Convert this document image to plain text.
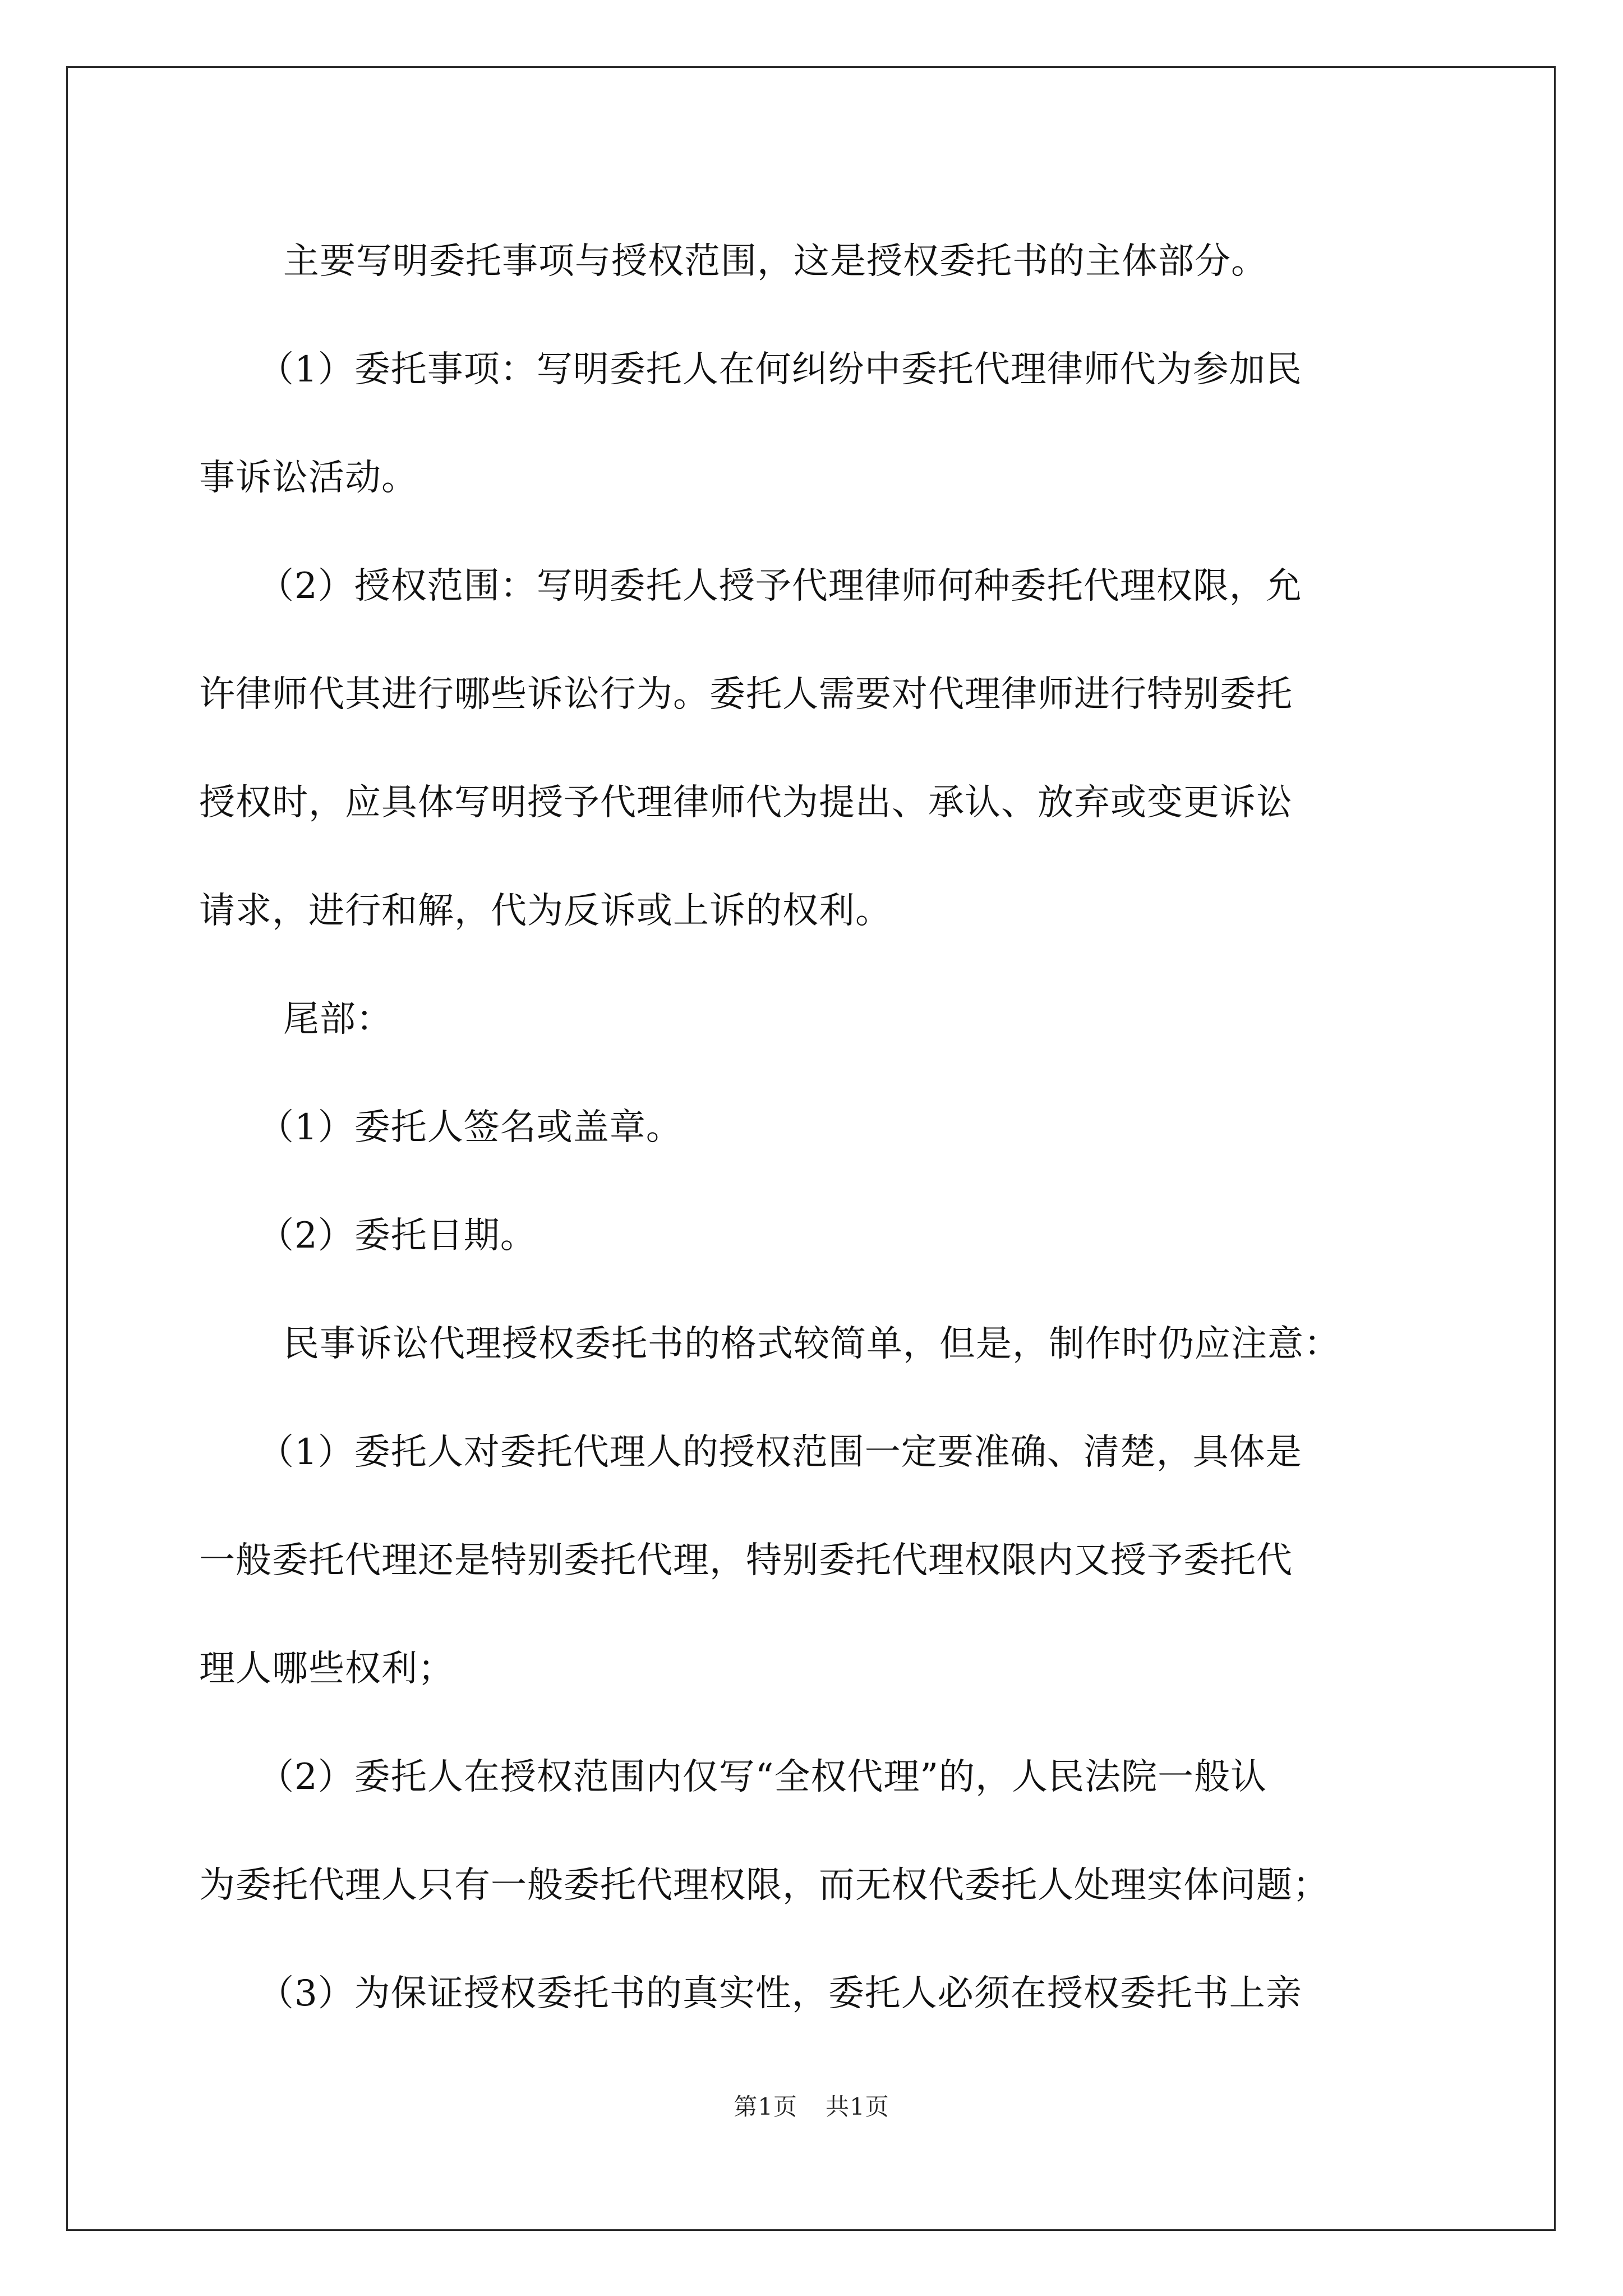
主要写明委托事项与授权范围，这是授权委托书的主体部分。

（1）委托事项：写明委托人在何纠纷中委托代理律师代为参加民

事诉讼活动。

（2）授权范围：写明委托人授予代理律师何种委托代理权限，允

许律师代其进行哪些诉讼行为。委托人需要对代理律师进行特别委托

授权时，应具体写明授予代理律师代为提出、承认、放弃或变更诉讼

请求，进行和解，代为反诉或上诉的权利。

尾部：

（1）委托人签名或盖章。

（2）委托日期。

民事诉讼代理授权委托书的格式较简单，但是，制作时仍应注意：

（1）委托人对委托代理人的授权范围一定要准确、清楚，具体是

一般委托代理还是特别委托代理，特别委托代理权限内又授予委托代

理人哪些权利；

（2）委托人在授权范围内仅写“全权代理”的，人民法院一般认

为委托代理人只有一般委托代理权限，而无权代委托人处理实体问题；

（3）为保证授权委托书的真实性，委托人必须在授权委托书上亲

第1页 共1页
